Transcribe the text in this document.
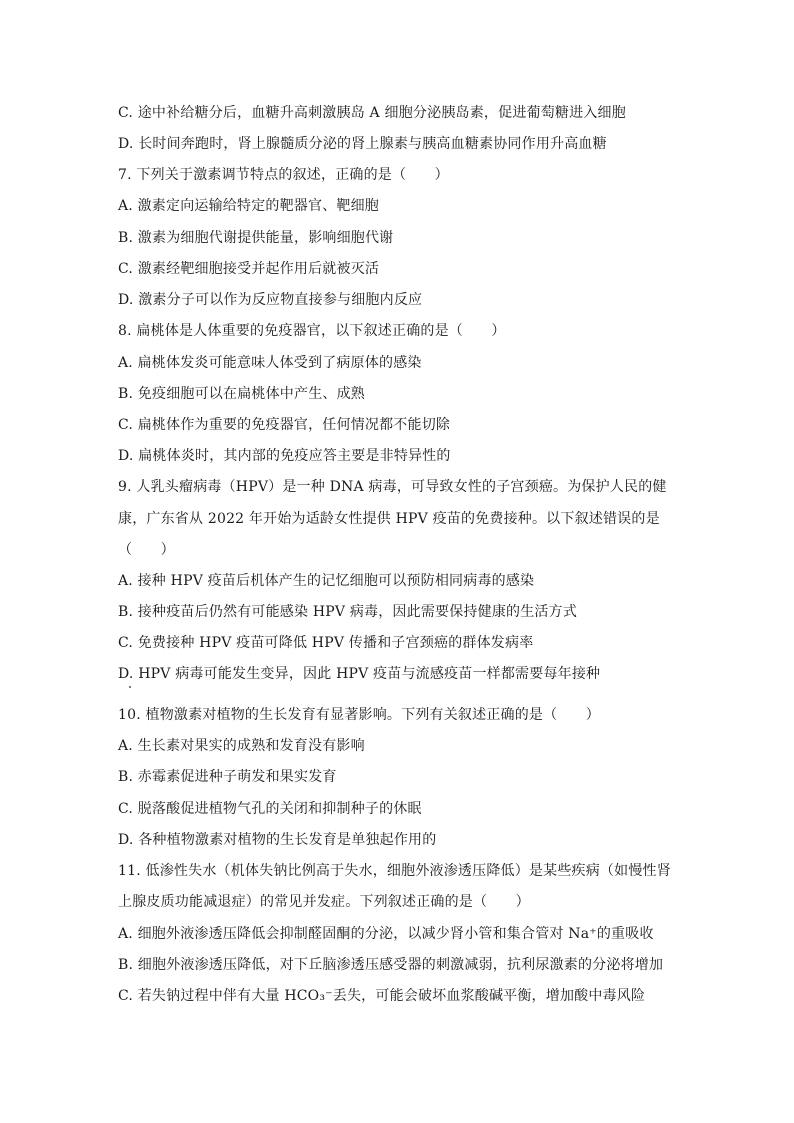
C. 途中补给糖分后，血糖升高刺激胰岛 A 细胞分泌胰岛素，促进葡萄糖进入细胞
D. 长时间奔跑时，肾上腺髓质分泌的肾上腺素与胰高血糖素协同作用升高血糖
7. 下列关于激素调节特点的叙述，正确的是（　　）
A. 激素定向运输给特定的靶器官、靶细胞
B. 激素为细胞代谢提供能量，影响细胞代谢
C. 激素经靶细胞接受并起作用后就被灭活
D. 激素分子可以作为反应物直接参与细胞内反应
8. 扁桃体是人体重要的免疫器官，以下叙述正确的是（　　）
A. 扁桃体发炎可能意味人体受到了病原体的感染
B. 免疫细胞可以在扁桃体中产生、成熟
C. 扁桃体作为重要的免疫器官，任何情况都不能切除
D. 扁桃体炎时，其内部的免疫应答主要是非特异性的
9. 人乳头瘤病毒（HPV）是一种 DNA 病毒，可导致女性的子宫颈癌。为保护人民的健
康，广东省从 2022 年开始为适龄女性提供 HPV 疫苗的免费接种。以下叙述错误的是
（　　）
A. 接种 HPV 疫苗后机体产生的记忆细胞可以预防相同病毒的感染
B. 接种疫苗后仍然有可能感染 HPV 病毒，因此需要保持健康的生活方式
C. 免费接种 HPV 疫苗可降低 HPV 传播和子宫颈癌的群体发病率
D. HPV 病毒可能发生变异，因此 HPV 疫苗与流感疫苗一样都需要每年接种
10. 植物激素对植物的生长发育有显著影响。下列有关叙述正确的是（　　）
A. 生长素对果实的成熟和发育没有影响
B. 赤霉素促进种子萌发和果实发育
C. 脱落酸促进植物气孔的关闭和抑制种子的休眠
D. 各种植物激素对植物的生长发育是单独起作用的
11. 低渗性失水（机体失钠比例高于失水，细胞外液渗透压降低）是某些疾病（如慢性肾
上腺皮质功能减退症）的常见并发症。下列叙述正确的是（　　）
A. 细胞外液渗透压降低会抑制醛固酮的分泌，以减少肾小管和集合管对 Na⁺的重吸收
B. 细胞外液渗透压降低，对下丘脑渗透压感受器的刺激减弱，抗利尿激素的分泌将增加
C. 若失钠过程中伴有大量 HCO₃⁻丢失，可能会破坏血浆酸碱平衡，增加酸中毒风险
